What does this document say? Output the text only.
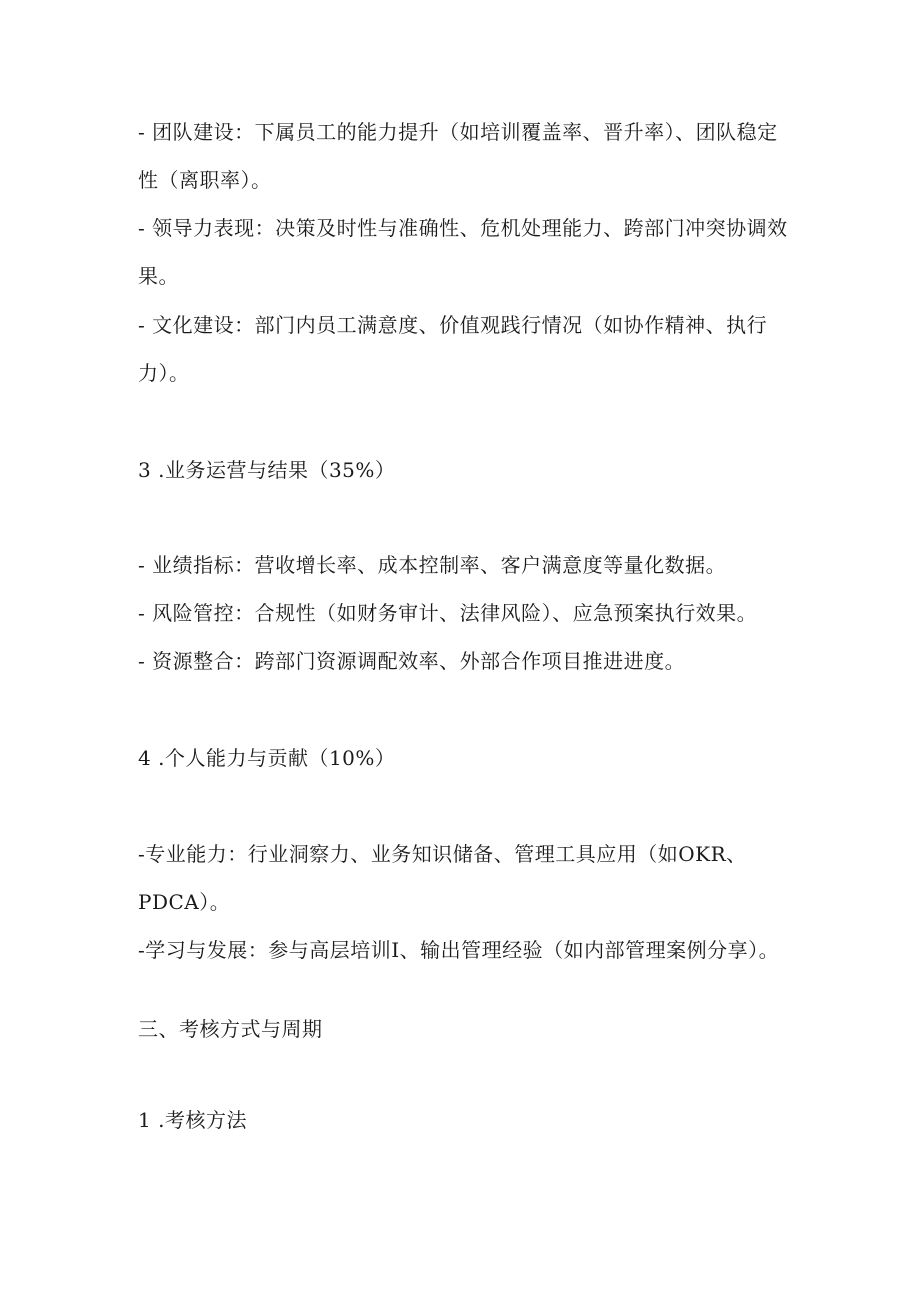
- 团队建设：下属员工的能力提升（如培训覆盖率、晋升率）、团队稳定
性（离职率）。
- 领导力表现：决策及时性与准确性、危机处理能力、跨部门冲突协调效
果。
- 文化建设：部门内员工满意度、价值观践行情况（如协作精神、执行
力）。
3 .业务运营与结果（35%）
- 业绩指标：营收增长率、成本控制率、客户满意度等量化数据。
- 风险管控：合规性（如财务审计、法律风险）、应急预案执行效果。
- 资源整合：跨部门资源调配效率、外部合作项目推进进度。
4 .个人能力与贡献（10%）
-专业能力：行业洞察力、业务知识储备、管理工具应用（如OKR、
PDCA）。
-学习与发展：参与高层培训I、输出管理经验（如内部管理案例分享）。
三、考核方式与周期
1 .考核方法
